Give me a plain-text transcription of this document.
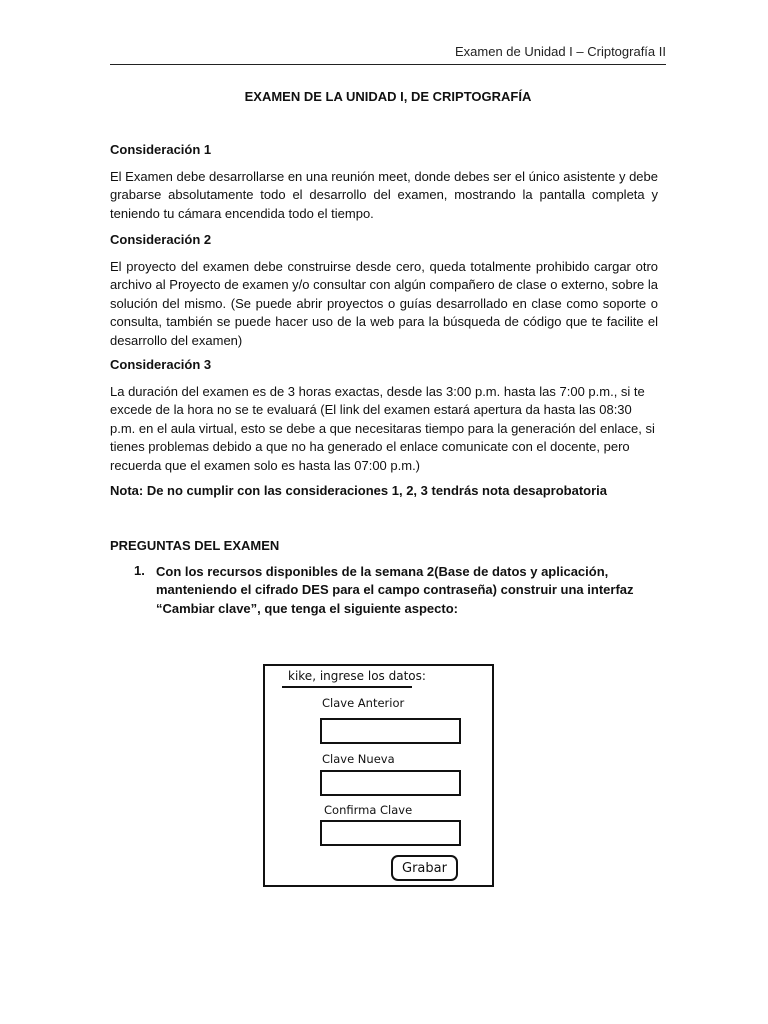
Examen de Unidad I – Criptografía II
EXAMEN DE LA UNIDAD I, DE CRIPTOGRAFÍA
Consideración 1
El Examen debe desarrollarse en una reunión meet, donde debes ser el único asistente y debe grabarse absolutamente todo el desarrollo del examen, mostrando la pantalla completa y teniendo tu cámara encendida todo el tiempo.
Consideración 2
El proyecto del examen debe construirse desde cero, queda totalmente prohibido cargar otro archivo al Proyecto de examen y/o consultar con algún compañero de clase o externo, sobre la solución del mismo. (Se puede abrir proyectos o guías desarrollado en clase como soporte o consulta, también se puede hacer uso de la web para la búsqueda de código que te facilite el desarrollo del examen)
Consideración 3
La duración del examen es de 3 horas exactas, desde las 3:00 p.m. hasta las 7:00 p.m., si te excede de la hora no se te evaluará (El link del examen estará apertura da hasta las 08:30 p.m. en el aula virtual, esto se debe a que necesitaras tiempo para la generación del enlace, si tienes problemas debido a que no ha generado el enlace comunicate con el docente, pero recuerda que el examen solo es hasta las 07:00 p.m.)
Nota: De no cumplir con las consideraciones 1, 2, 3 tendrás nota desaprobatoria
PREGUNTAS DEL EXAMEN
1. Con los recursos disponibles de la semana 2(Base de datos y aplicación, manteniendo el cifrado DES para el campo contraseña) construir una interfaz “Cambiar clave”, que tenga el siguiente aspecto:
kike, ingrese los datos:
Clave Anterior
Clave Nueva
Confirma Clave
Grabar
